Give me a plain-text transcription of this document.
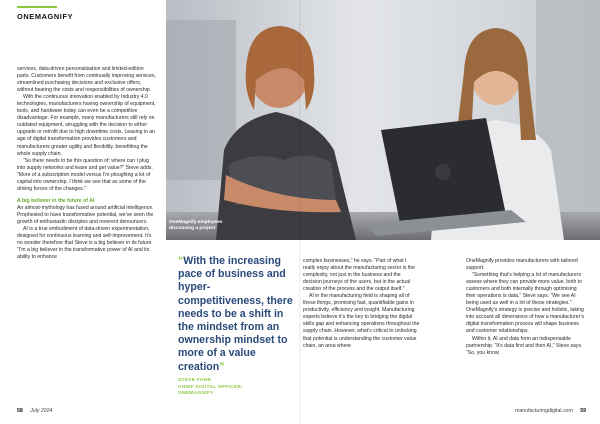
ONEMAGNIFY

services, data-driven personalisation and limited-edition parts. Customers benefit from continually improving services, streamlined purchasing decisions and exclusive offers, without bearing the costs and responsibilities of ownership.

With the continuous innovation enabled by Industry 4.0 technologies, manufacturers having ownership of equipment, tools, and hardware today can even be a competitive disadvantage. For example, many manufacturers still rely on outdated equipment, struggling with the decision to either upgrade or retrofit due to high downtime costs. Leasing in an age of digital transformation provides customers and manufacturers greater agility and flexibility, benefitting the whole supply chain.

“So there needs to be this question of: where can I plug into supply networks and lease and get value?” Steve adds. “More of a subscription model versus I’m ploughing a lot of capital into ownership. I think we see that as some of the driving forces of the changes.”

A big believer in the future of AI

An almost-mythology has fused around artificial intelligence. Prophesied to have transformative potential, we’ve seen the growth of enthusiastic disciples and reverent denouncers.

AI is a true embodiment of data-driven experimentation, designed for continuous learning and self-improvement. It’s no wonder therefore that Steve is a big believer in its future. “I’m a big believer in the transformative power of AI and its ability to enhance

58 July 2024

OneMagnify provides manufacturers with tailored support.

“Something that’s helping a lot of manufacturers assess where they can provide more value, both to customers and both internally through optimising their operations is data,” Steve says. “We see AI being used as well in a lot of these strategies.” OneMagnify’s strategy is precise and holistic, taking into account all dimensions of how a manufacturer’s digital transformation process will shape business and customer relationships.

Within it, AI and data form an indispensable partnership. “It’s data first and then AI,” Steve says. “So, you know,

manufacturingdigital.com 59
OneMagnify employees discussing a project
“With the increasing pace of business and hyper-competitiveness, there needs to be a shift in the mindset from an ownership mindset to more of a value creation”
STEVE FARR
CHIEF DIGITAL OFFICER,
ONEMAGNIFY

complex businesses,” he says. “Part of what I really enjoy about the manufacturing sector is the complexity, not just in the business and the decision journeys of the users, but in the actual creation of the process and the output itself.”

AI in the manufacturing field is shaping all of these things, promising fast, quantifiable gains in productivity, efficiency and insight. Manufacturing experts believe it’s the key to bridging the digital skills gap and enhancing operations throughout the supply chain. However, what’s critical to unlocking that potential is understanding the customer value chain, an area where
